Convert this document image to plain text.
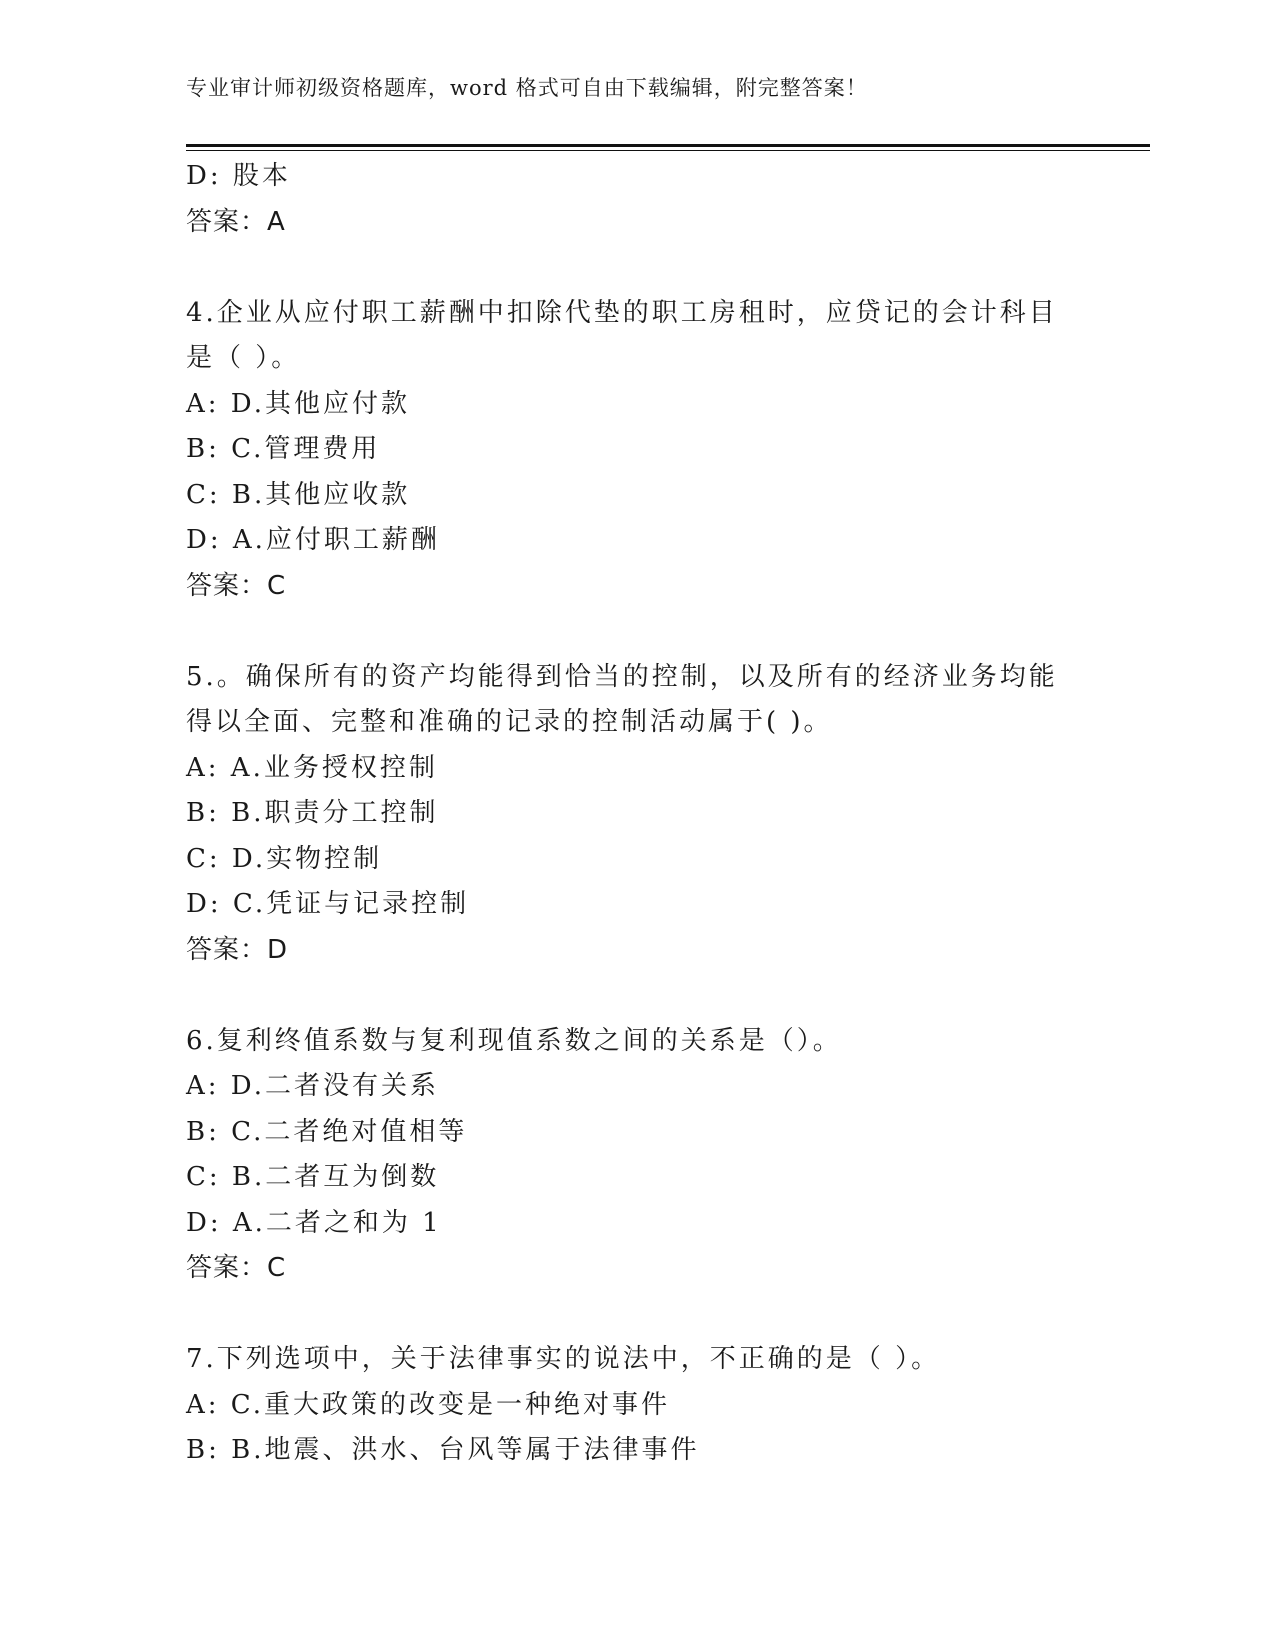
专业审计师初级资格题库，word 格式可自由下载编辑，附完整答案！
D: 股本
答案：A
4.企业从应付职工薪酬中扣除代垫的职工房租时，应贷记的会计科目
是（ ）。
A: D.其他应付款
B: C.管理费用
C: B.其他应收款
D: A.应付职工薪酬
答案：C
5.。确保所有的资产均能得到恰当的控制，以及所有的经济业务均能
得以全面、完整和准确的记录的控制活动属于( )。
A: A.业务授权控制
B: B.职责分工控制
C: D.实物控制
D: C.凭证与记录控制
答案：D
6.复利终值系数与复利现值系数之间的关系是（）。
A: D.二者没有关系
B: C.二者绝对值相等
C: B.二者互为倒数
D: A.二者之和为 1
答案：C
7.下列选项中，关于法律事实的说法中，不正确的是（ ）。
A: C.重大政策的改变是一种绝对事件
B: B.地震、洪水、台风等属于法律事件
